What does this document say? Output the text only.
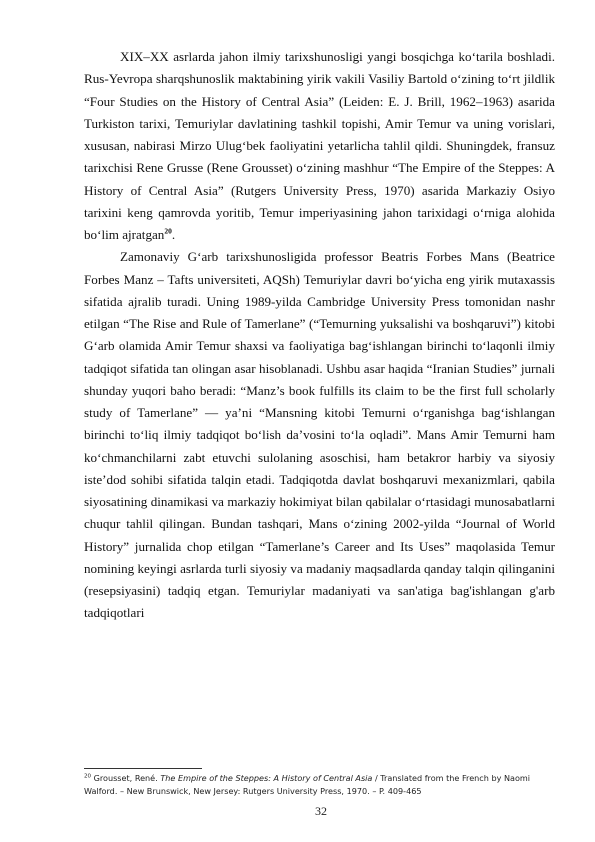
XIX–XX asrlarda jahon ilmiy tarixshunosligi yangi bosqichga ko‘tarila boshladi. Rus-Yevropa sharqshunoslik maktabining yirik vakili Vasiliy Bartold o‘zining to‘rt jildlik “Four Studies on the History of Central Asia” (Leiden: E. J. Brill, 1962–1963) asarida Turkiston tarixi, Temuriylar davlatining tashkil topishi, Amir Temur va uning vorislari, xususan, nabirasi Mirzo Ulug‘bek faoliyatini yetarlicha tahlil qildi. Shuningdek, fransuz tarixchisi Rene Grusse (Rene Grousset) o‘zining mashhur “The Empire of the Steppes: A History of Central Asia” (Rutgers University Press, 1970) asarida Markaziy Osiyo tarixini keng qamrovda yoritib, Temur imperiyasining jahon tarixidagi o‘rniga alohida bo‘lim ajratgan$^{20}$.

Zamonaviy G‘arb tarixshunosligida professor Beatris Forbes Mans (Beatrice Forbes Manz – Tafts universiteti, AQSh) Temuriylar davri bo‘yicha eng yirik mutaxassis sifatida ajralib turadi. Uning 1989-yilda Cambridge University Press tomonidan nashr etilgan “The Rise and Rule of Tamerlane” (“Temurning yuksalishi va boshqaruvi”) kitobi G‘arb olamida Amir Temur shaxsi va faoliyatiga bag‘ishlangan birinchi to‘laqonli ilmiy tadqiqot sifatida tan olingan asar hisoblanadi. Ushbu asar haqida “Iranian Studies” jurnali shunday yuqori baho beradi: “Manz’s book fulfills its claim to be the first full scholarly study of Tamerlane” — ya’ni “Mansning kitobi Temurni o‘rganishga bag‘ishlangan birinchi to‘liq ilmiy tadqiqot bo‘lish da’vosini to‘la oqladi”. Mans Amir Temurni ham ko‘chmanchilarni zabt etuvchi sulolaning asoschisi, ham betakror harbiy va siyosiy iste’dod sohibi sifatida talqin etadi. Tadqiqotda davlat boshqaruvi mexanizmlari, qabila siyosatining dinamikasi va markaziy hokimiyat bilan qabilalar o‘rtasidagi munosabatlarni chuqur tahlil qilingan. Bundan tashqari, Mans o‘zining 2002-yilda “Journal of World History” jurnalida chop etilgan “Tamerlane’s Career and Its Uses” maqolasida Temur nomining keyingi asrlarda turli siyosiy va madaniy maqsadlarda qanday talqin qilinganini (resepsiyasini) tadqiq etgan. Temuriylar madaniyati va san'atiga bag'ishlangan g'arb tadqiqotlari

$^{20}$ Grousset, René. The Empire of the Steppes: A History of Central Asia / Translated from the French by Naomi Walford. – New Brunswick, New Jersey: Rutgers University Press, 1970. – P. 409-465
32
